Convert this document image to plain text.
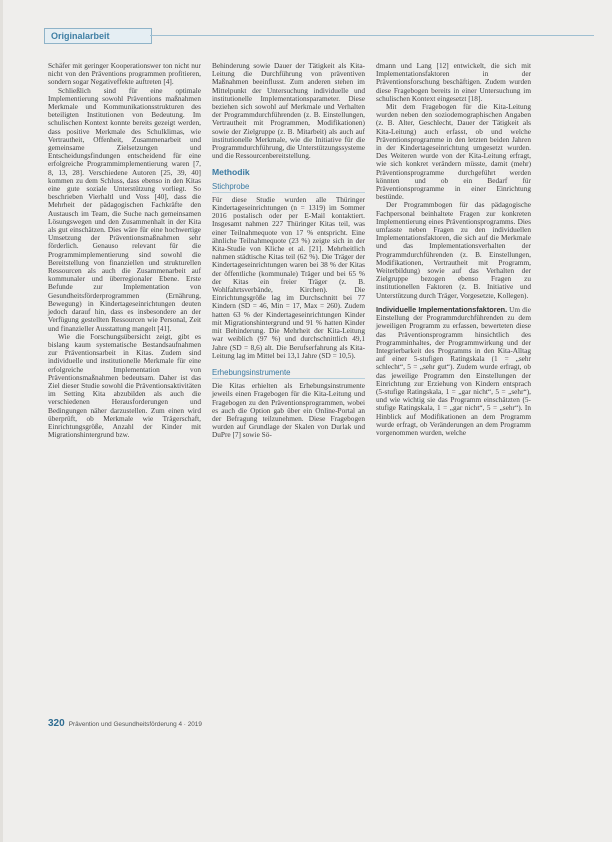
Originalarbeit

Schäfer mit geringer Kooperationswer ton nicht nur nicht von den Präventions programmen profitieren, sondern sogar Negativeffekte auftreten [4].

Schließlich sind für eine optimale Implementierung sowohl Präventions maßnahmen Merkmale und Kommunikationsstrukturen des beteiligten Institutionen von Bedeutung. Im schulischen Kontext konnte bereits gezeigt werden, dass positive Merkmale des Schulklimas, wie Vertrautheit, Offenheit, Zusammenarbeit und gemeinsame Zielsetzungen und Entscheidungsfindungen entscheidend für eine erfolgreiche Programmimplementierung waren [7, 8, 13, 28]. Verschiedene Autoren [25, 39, 40] kommen zu dem Schluss, dass ebenso in den Kitas eine gute soziale Unterstützung vorliegt. So beschrieben Vierhaltl und Voss [40], dass die Mehrheit der pädagogischen Fachkräfte den Austausch im Team, die Suche nach gemeinsamen Lösungswegen und den Zusammenhalt in der Kita als gut einschätzen. Dies wäre für eine hochwertige Umsetzung der Präventionsmaßnahmen sehr förderlich. Genauso relevant für die Programmimplementierung sind sowohl die Bereitstellung von finanziellen und strukturellen Ressourcen als auch die Zusammenarbeit auf kommunaler und überregionaler Ebene. Erste Befunde zur Implementation von Gesundheitsförderprogrammen (Ernährung, Bewegung) in Kindertageseinrichtungen deuten jedoch darauf hin, dass es insbesondere an der Verfügung gestellten Ressourcen wie Personal, Zeit und finanzieller Ausstattung mangelt [41].

Wie die Forschungsübersicht zeigt, gibt es bislang kaum systematische Bestandsaufnahmen zur Präventionsarbeit in Kitas. Zudem sind individuelle und institutionelle Merkmale für eine erfolgreiche Implementation von Präventionsmaßnahmen bedeutsam. Daher ist das Ziel dieser Studie sowohl die Präventionsaktivitäten im Setting Kita abzubilden als auch die verschiedenen Herausforderungen und Bedingungen näher darzustellen. Zum einen wird überprüft, ob Merkmale wie Trägerschaft, Einrichtungsgröße, Anzahl der Kinder mit Migrationshintergrund bzw.

Behinderung sowie Dauer der Tätigkeit als Kita-Leitung die Durchführung von präventiven Maßnahmen beeinflusst. Zum anderen stehen im Mittelpunkt der Untersuchung individuelle und institutionelle Implementationsparameter. Diese beziehen sich sowohl auf Merkmale und Verhalten der Programmdurchführenden (z. B. Einstellungen, Vertrautheit mit Programmen, Modifikationen) sowie der Zielgruppe (z. B. Mitarbeit) als auch auf institutionelle Merkmale, wie die Initiative für die Programmdurchführung, die Unterstützungssysteme und die Ressourcenbereitstellung.

Methodik
Stichprobe

Für diese Studie wurden alle Thüringer Kindertageseinrichtungen (n = 1319) im Sommer 2016 postalisch oder per E-Mail kontaktiert. Insgesamt nahmen 227 Thüringer Kitas teil, was einer Teilnahmequote von 17 % entspricht. Eine ähnliche Teilnahmequote (23 %) zeigte sich in der Kita-Studie von Kliche et al. [21]. Mehrheitlich nahmen städtische Kitas teil (62 %). Die Träger der Kindertageseinrichtungen waren bei 38 % der Kitas der öffentliche (kommunale) Träger und bei 65 % der Kitas ein freier Träger (z. B. Wohlfahrtsverbände, Kirchen). Die Einrichtungsgröße lag im Durchschnitt bei 77 Kindern (SD = 46, Min = 17, Max = 260). Zudem hatten 63 % der Kindertageseinrichtungen Kinder mit Migrationshintergrund und 91 % hatten Kinder mit Behinderung. Die Mehrheit der Kita-Leitung war weiblich (97 %) und durchschnittlich 49,1 Jahre (SD = 8,6) alt. Die Berufserfahrung als Kita-Leitung lag im Mittel bei 13,1 Jahre (SD = 10,5).

Erhebungsinstrumente

Die Kitas erhielten als Erhebungsinstrumente jeweils einen Fragebogen für die Kita-Leitung und Fragebogen zu den Präventionsprogrammen, wobei es auch die Option gab über ein Online-Portal an der Befragung teilzunehmen. Diese Fragebogen wurden auf Grundlage der Skalen von Durlak und DuPre [7] sowie Sö-

dmann und Lang [12] entwickelt, die sich mit Implementationsfaktoren in der Präventionsforschung beschäftigen. Zudem wurden diese Fragebogen bereits in einer Untersuchung im schulischen Kontext eingesetzt [18].

Mit dem Fragebogen für die Kita-Leitung wurden neben den soziodemographischen Angaben (z. B. Alter, Geschlecht, Dauer der Tätigkeit als Kita-Leitung) auch erfasst, ob und welche Präventionsprogramme in den letzten beiden Jahren in der Kindertageseinrichtung umgesetzt wurden. Des Weiteren wurde von der Kita-Leitung erfragt, wie sich konkret verändern müsste, damit (mehr) Präventionsprogramme durchgeführt werden könnten und ob ein Bedarf für Präventionsprogramme in einer Einrichtung bestünde.

Der Programmbogen für das pädagogische Fachpersonal beinhaltete Fragen zur konkreten Implementierung eines Präventionsprogramms. Dies umfasste neben Fragen zu den individuellen Implementationsfaktoren, die sich auf die Merkmale und das Implementationsverhalten der Programmdurchführenden (z. B. Einstellungen, Modifikationen, Vertrautheit mit Programm, Weiterbildung) sowie auf das Verhalten der Zielgruppe bezogen ebenso Fragen zu institutionellen Faktoren (z. B. Initiative und Unterstützung durch Träger, Vorgesetzte, Kollegen).

Individuelle Implementationsfaktoren. Um die Einstellung der Programmdurchführenden zu dem jeweiligen Programm zu erfassen, bewerteten diese das Präventionsprogramm hinsichtlich des Programminhaltes, der Programmwirkung und der Integrierbarkeit des Programms in den Kita-Alltag auf einer 5-stufigen Ratingskala (1 = „sehr schlecht“, 5 = „sehr gut“). Zudem wurde erfragt, ob das jeweilige Programm den Einstellungen der Einrichtung zur Erziehung von Kindern entsprach (5-stufige Ratingskala, 1 = „gar nicht“, 5 = „sehr“), und wie wichtig sie das Programm einschätzten (5-stufige Ratingskala, 1 = „gar nicht“, 5 = „sehr“). In Hinblick auf Modifikationen an dem Programm wurde erfragt, ob Veränderungen an dem Programm vorgenommen wurden, welche

320 Prävention und Gesundheitsförderung 4 · 2019
